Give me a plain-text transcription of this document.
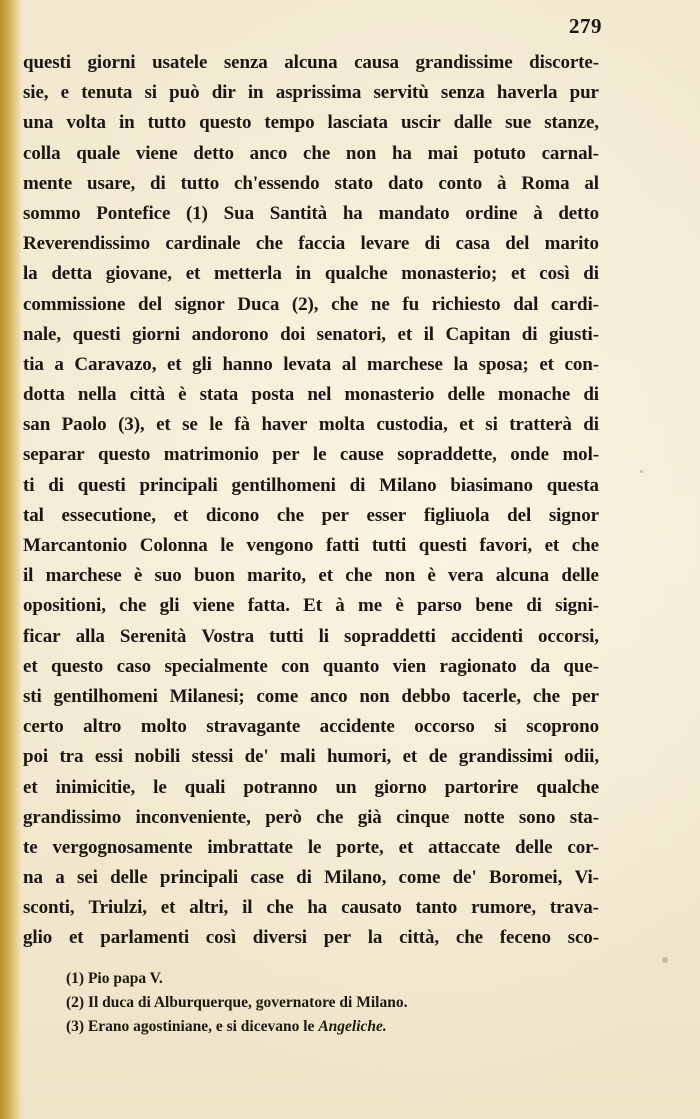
279
questi giorni usatele senza alcuna causa grandissime discorte-
sie, e tenuta si può dir in asprissima servitù senza haverla pur
una volta in tutto questo tempo lasciata uscir dalle sue stanze,
colla quale viene detto anco che non ha mai potuto carnal-
mente usare, di tutto ch'essendo stato dato conto à Roma al
sommo Pontefice (1) Sua Santità ha mandato ordine à detto
Reverendissimo cardinale che faccia levare di casa del marito
la detta giovane, et metterla in qualche monasterio; et così di
commissione del signor Duca (2), che ne fu richiesto dal cardi-
nale, questi giorni andorono doi senatori, et il Capitan di giusti-
tia a Caravazo, et gli hanno levata al marchese la sposa; et con-
dotta nella città è stata posta nel monasterio delle monache di
san Paolo (3), et se le fà haver molta custodia, et si tratterà di
separar questo matrimonio per le cause sopraddette, onde mol-
ti di questi principali gentilhomeni di Milano biasimano questa
tal essecutione, et dicono che per esser figliuola del signor
Marcantonio Colonna le vengono fatti tutti questi favori, et che
il marchese è suo buon marito, et che non è vera alcuna delle
opositioni, che gli viene fatta. Et à me è parso bene di signi-
ficar alla Serenità Vostra tutti li sopraddetti accidenti occorsi,
et questo caso specialmente con quanto vien ragionato da que-
sti gentilhomeni Milanesi; come anco non debbo tacerle, che per
certo altro molto stravagante accidente occorso si scoprono
poi tra essi nobili stessi de' mali humori, et de grandissimi odii,
et inimicitie, le quali potranno un giorno partorire qualche
grandissimo inconveniente, però che già cinque notte sono sta-
te vergognosamente imbrattate le porte, et attaccate delle cor-
na a sei delle principali case di Milano, come de' Boromei, Vi-
sconti, Triulzi, et altri, il che ha causato tanto rumore, trava-
glio et parlamenti così diversi per la città, che feceno sco-
(1) Pio papa V.
(2) Il duca di Alburquerque, governatore di Milano.
(3) Erano agostiniane, e si dicevano le Angeliche.
